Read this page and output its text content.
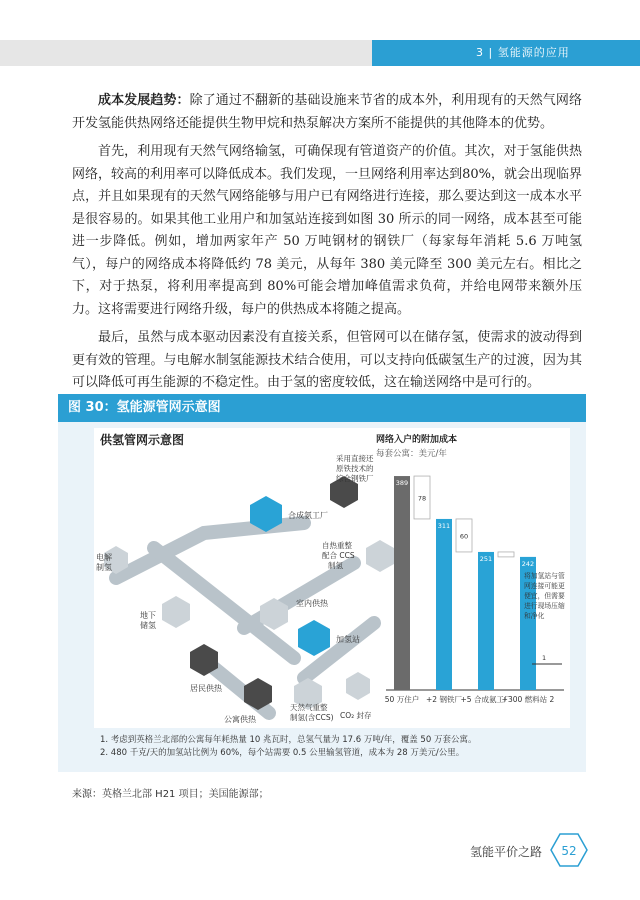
3 | 氢能源的应用

成本发展趋势：除了通过不翻新的基础设施来节省的成本外，利用现有的天然气网络开发氢能供热网络还能提供生物甲烷和热泵解决方案所不能提供的其他降本的优势。

首先，利用现有天然气网络输氢，可确保现有管道资产的价值。其次，对于氢能供热网络，较高的利用率可以降低成本。我们发现，一旦网络利用率达到80%，就会出现临界点，并且如果现有的天然气网络能够与用户已有网络进行连接，那么要达到这一成本水平是很容易的。如果其他工业用户和加氢站连接到如图 30 所示的同一网络，成本甚至可能进一步降低。例如，增加两家年产 50 万吨钢材的钢铁厂（每家每年消耗 5.6 万吨氢气），每户的网络成本将降低约 78 美元，从每年 380 美元降至 300 美元左右。相比之下，对于热泵，将利用率提高到 80%可能会增加峰值需求负荷，并给电网带来额外压力。这将需要进行网络升级，每户的供热成本将随之提高。

最后，虽然与成本驱动因素没有直接关系，但管网可以在储存氢，使需求的波动得到更有效的管理。与电解水制氢能源技术结合使用，可以支持向低碳氢生产的过渡，因为其可以降低可再生能源的不稳定性。由于氢的密度较低，这在输送网络中是可行的。

图 30：氢能源管网示意图
供氢管网示意图
采用直接还
原铁技术的
综合钢铁厂
合成氨工厂
电解
制氢
自热重整
配合 CCS
制氢
地下
储氢
室内供热
加氢站
居民供热
公寓供热
天然气重整
制氢(含CCS) CO₂ 封存
网络入户的附加成本
每套公寓：美元/年
389
50 万住户
78
311
+2 钢铁厂
60
251
+5 合成氨工厂
242
+300 燃料站 2
将加氢站与管
网连接可能更
便宜，但需要
进行现场压缩
和净化
1
1. 考虑到英格兰北部的公寓每年耗热量 10 兆瓦时，总氢气量为 17.6 万吨/年，覆盖 50 万套公寓。
2. 480 千克/天的加氢站比例为 60%，每个站需要 0.5 公里输氢管道，成本为 28 万美元/公里。
来源：英格兰北部 H21 项目；美国能源部；
氢能平价之路 52
